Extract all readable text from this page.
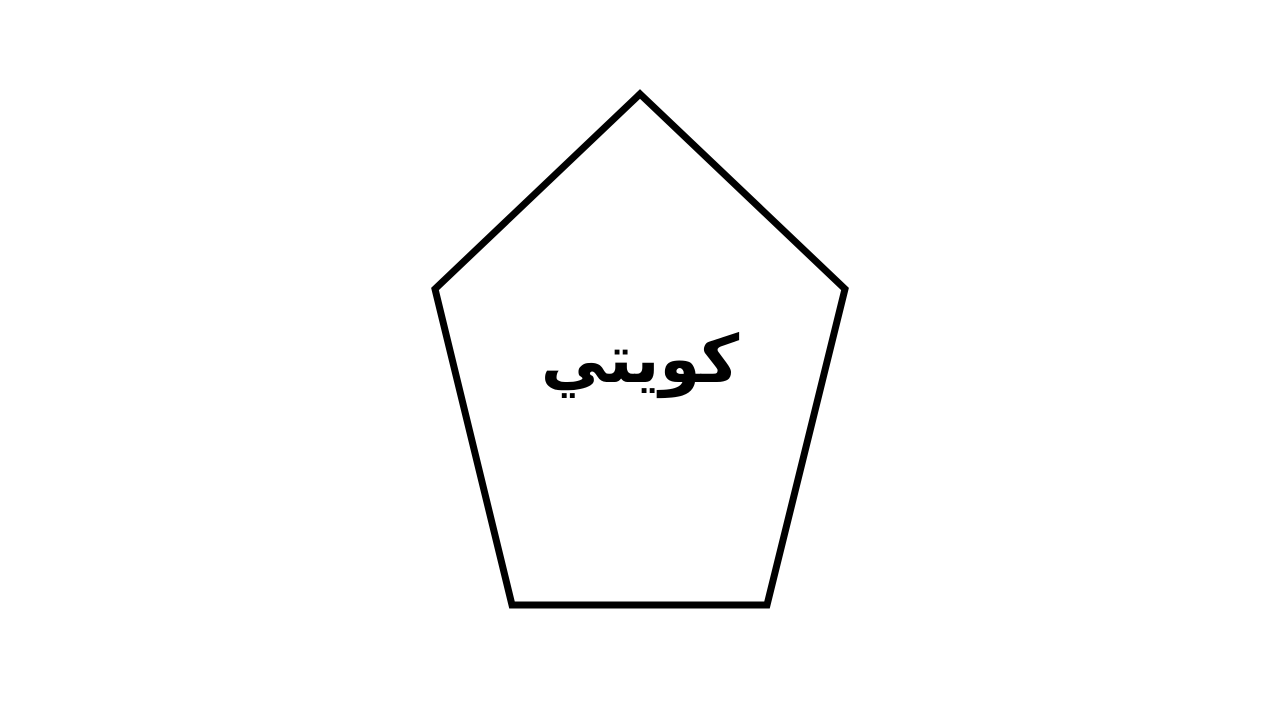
كويتي
